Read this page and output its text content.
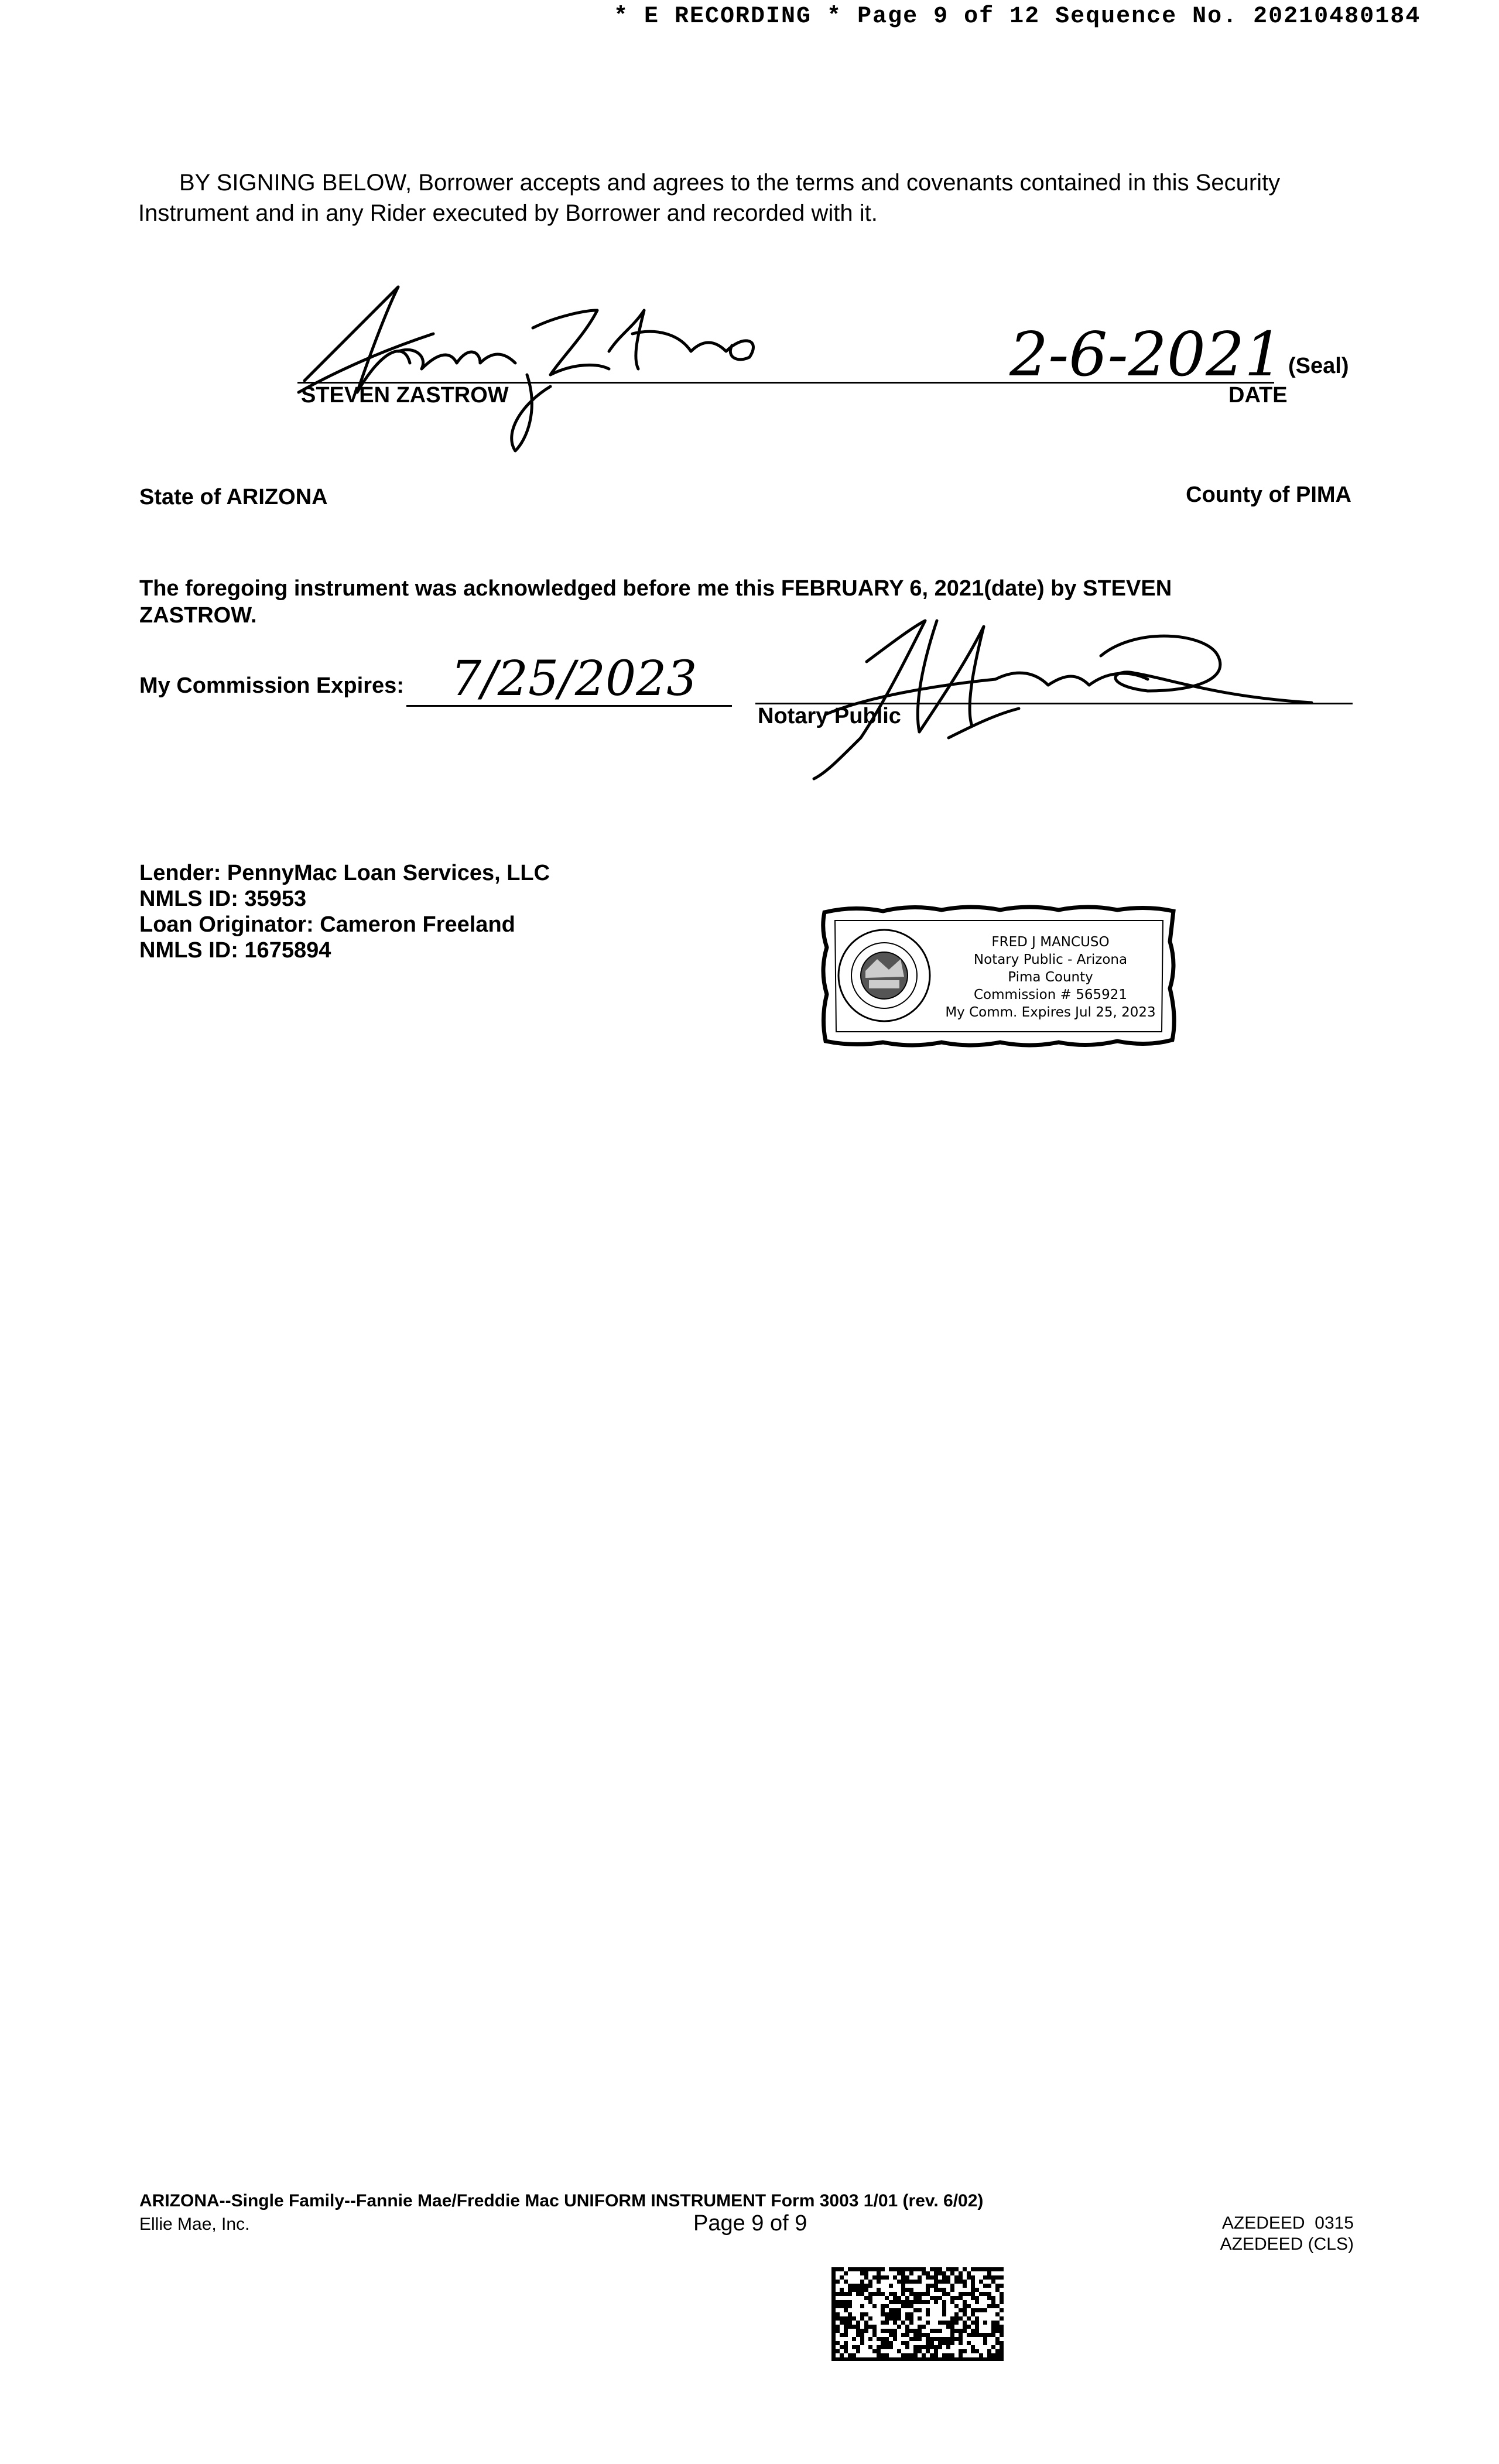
* E RECORDING * Page 9 of 12 Sequence No. 20210480184
BY SIGNING BELOW, Borrower accepts and agrees to the terms and covenants contained in this Security Instrument and in any Rider executed by Borrower and recorded with it.
STEVEN ZASTROW
2-6-2021 (Seal)
DATE
State of ARIZONA	County of PIMA
The foregoing instrument was acknowledged before me this FEBRUARY 6, 2021(date) by STEVEN
ZASTROW.
My Commission Expires: 7/25/2023
Notary Public
Lender: PennyMac Loan Services, LLC
NMLS ID: 35953
Loan Originator: Cameron Freeland
NMLS ID: 1675894	FRED J MANCUSO
Notary Public - Arizona
Pima County
Commission # 565921
My Comm. Expires Jul 25, 2023
ARIZONA--Single Family--Fannie Mae/Freddie Mac UNIFORM INSTRUMENT Form 3003 1/01 (rev. 6/02)
Ellie Mae, Inc.	Page 9 of 9	AZEDEED  0315
AZEDEED (CLS)
